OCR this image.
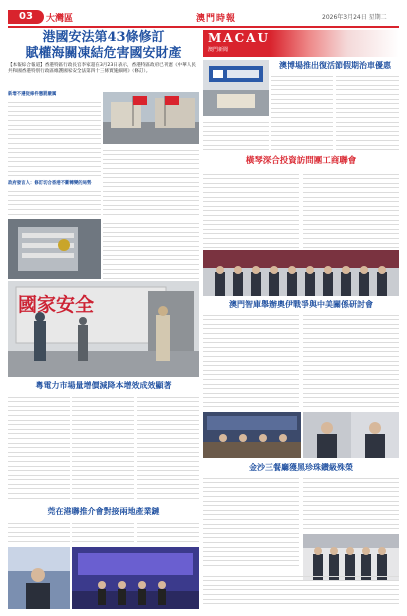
03	大灣區	澳門時報	2026年3月24日 星期二
港國安法第43條修訂
賦權海關凍結危害國安財產
【本報綜合報道】香港特區行政長官李家超在3月23日表示，香港特區政府已刊憲《中華人民共和國香港特別行政區維護國家安全法第四十三條實施細則》（修訂）。
新增不遵從條件懲罰嚴厲
政府發言人：修訂切合香港不斷轉變的局勢
國家安全
粵電力市場量增價減降本增效成效顯著
莞在港聯推介會對接兩地產業鏈
MACAU
澳門新聞
澳博場推出復活節假期治車優惠
橫琴深合投資訪問團工商聯會
澳門智庫舉辦奧伊戰爭與中美關係研討會
金沙三餐廳獲黑珍珠鑽級殊榮
